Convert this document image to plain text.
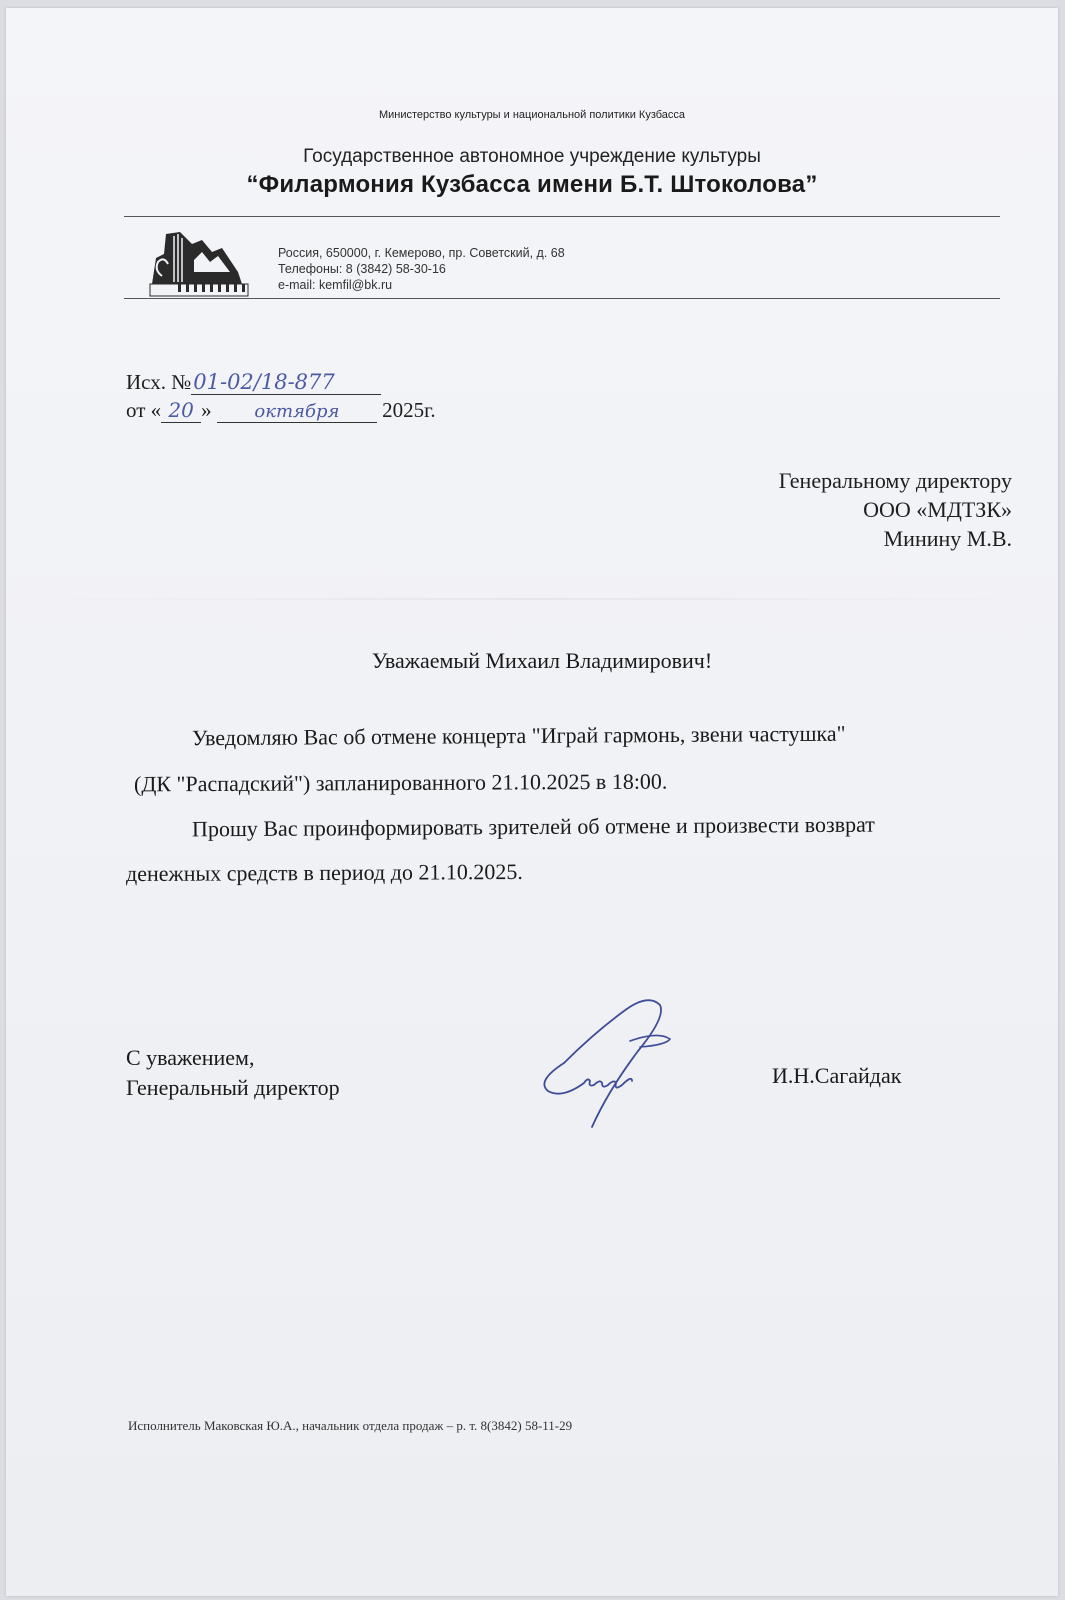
Министерство культуры и национальной политики Кузбасса
Государственное автономное учреждение культуры
“Филармония Кузбасса имени Б.Т. Штоколова”
Россия, 650000, г. Кемерово, пр. Советский, д. 68
Телефоны: 8 (3842) 58-30-16
e-mail: kemfil@bk.ru
Исх. №01-02/18-877
от « 20 » октября 2025г.
Генеральному директору
ООО «МДТЗК»
Минину М.В.
Уважаемый Михаил Владимирович!
Уведомляю Вас об отмене концерта "Играй гармонь, звени частушка"
(ДК "Распадский") запланированного 21.10.2025 в 18:00.
Прошу Вас проинформировать зрителей об отмене и произвести возврат
денежных средств в период до 21.10.2025.
С уважением,
Генеральный директор	И.Н.Сагайдак
Исполнитель Маковская Ю.А., начальник отдела продаж – р. т. 8(3842) 58-11-29
